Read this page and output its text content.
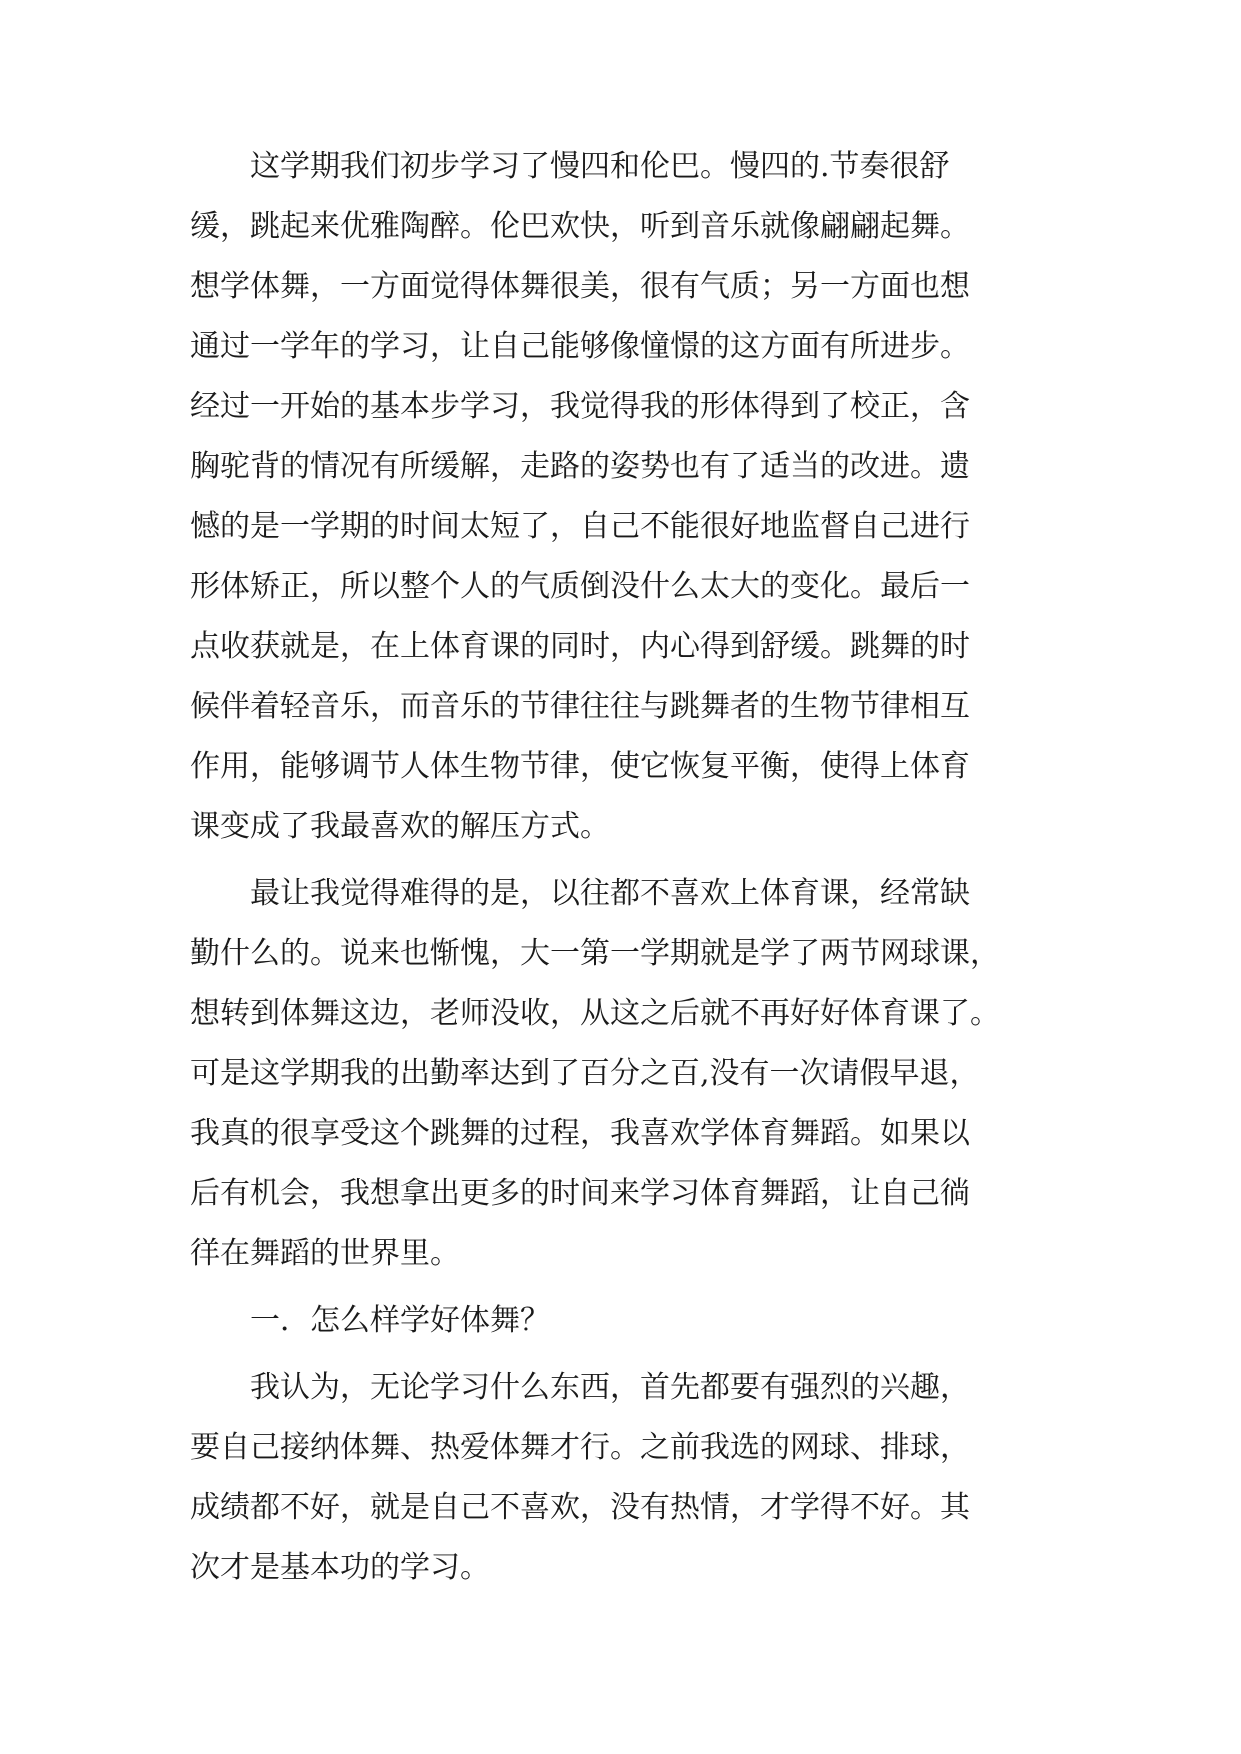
　　这学期我们初步学习了慢四和伦巴。慢四的.节奏很舒

缓，跳起来优雅陶醉。伦巴欢快，听到音乐就像翩翩起舞。

想学体舞，一方面觉得体舞很美，很有气质；另一方面也想

通过一学年的学习，让自己能够像憧憬的这方面有所进步。

经过一开始的基本步学习，我觉得我的形体得到了校正，含

胸驼背的情况有所缓解，走路的姿势也有了适当的改进。遗

憾的是一学期的时间太短了，自己不能很好地监督自己进行

形体矫正，所以整个人的气质倒没什么太大的变化。最后一

点收获就是，在上体育课的同时，内心得到舒缓。跳舞的时

候伴着轻音乐，而音乐的节律往往与跳舞者的生物节律相互

作用，能够调节人体生物节律，使它恢复平衡，使得上体育

课变成了我最喜欢的解压方式。

　　最让我觉得难得的是，以往都不喜欢上体育课，经常缺

勤什么的。说来也惭愧，大一第一学期就是学了两节网球课，

想转到体舞这边，老师没收，从这之后就不再好好体育课了。

可是这学期我的出勤率达到了百分之百,没有一次请假早退，

我真的很享受这个跳舞的过程，我喜欢学体育舞蹈。如果以

后有机会，我想拿出更多的时间来学习体育舞蹈，让自己徜

徉在舞蹈的世界里。

　　一．怎么样学好体舞？

　　我认为，无论学习什么东西，首先都要有强烈的兴趣，

要自己接纳体舞、热爱体舞才行。之前我选的网球、排球，

成绩都不好，就是自己不喜欢，没有热情，才学得不好。其

次才是基本功的学习。
